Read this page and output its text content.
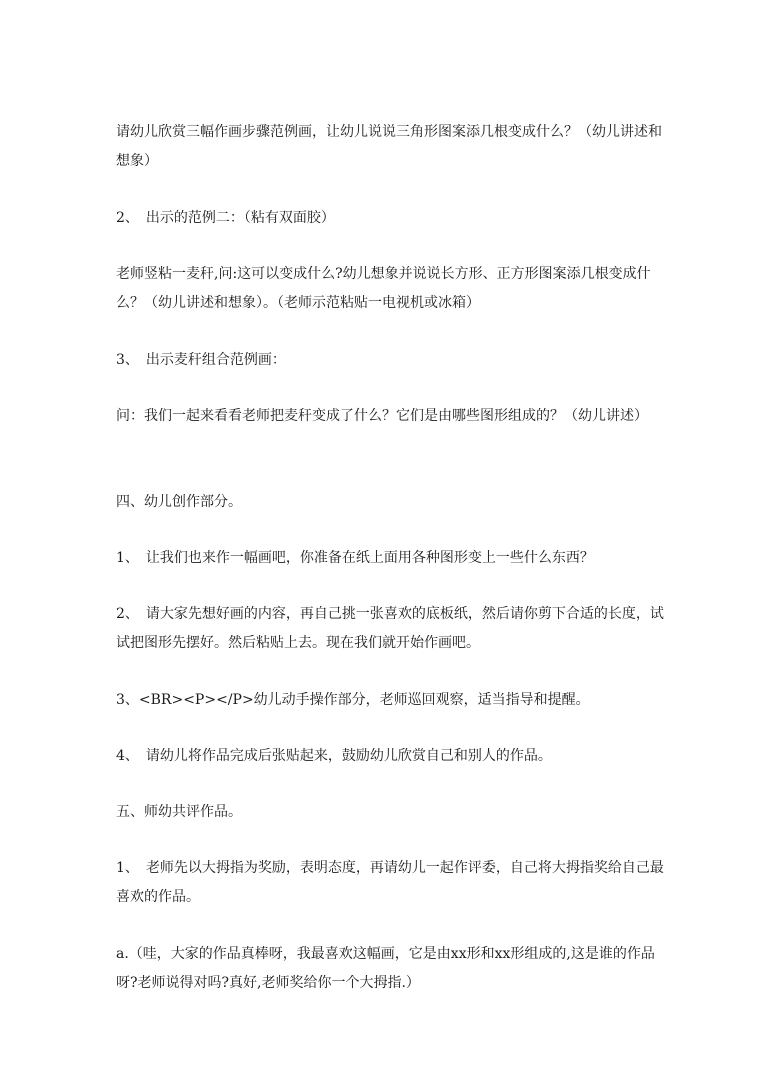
请幼儿欣赏三幅作画步骤范例画，让幼儿说说三角形图案添几根变成什么？（幼儿讲述和想象）

2、　出示的范例二：（粘有双面胶）

老师竖粘一麦秆,问:这可以变成什么?幼儿想象并说说长方形、正方形图案添几根变成什么？（幼儿讲述和想象）。（老师示范粘贴一电视机或冰箱）

3、　出示麦秆组合范例画：

问：我们一起来看看老师把麦秆变成了什么？它们是由哪些图形组成的？（幼儿讲述）

四、幼儿创作部分。

1、　让我们也来作一幅画吧，你准备在纸上面用各种图形变上一些什么东西？

2、　请大家先想好画的内容，再自己挑一张喜欢的底板纸，然后请你剪下合适的长度，试试把图形先摆好。然后粘贴上去。现在我们就开始作画吧。

3、<BR><P></P>幼儿动手操作部分，老师巡回观察，适当指导和提醒。

4、　请幼儿将作品完成后张贴起来，鼓励幼儿欣赏自己和别人的作品。

五、师幼共评作品。

1、　老师先以大拇指为奖励，表明态度，再请幼儿一起作评委，自己将大拇指奖给自己最喜欢的作品。

a.（哇，大家的作品真棒呀，我最喜欢这幅画，它是由xx形和xx形组成的,这是谁的作品呀?老师说得对吗?真好,老师奖给你一个大拇指.）
